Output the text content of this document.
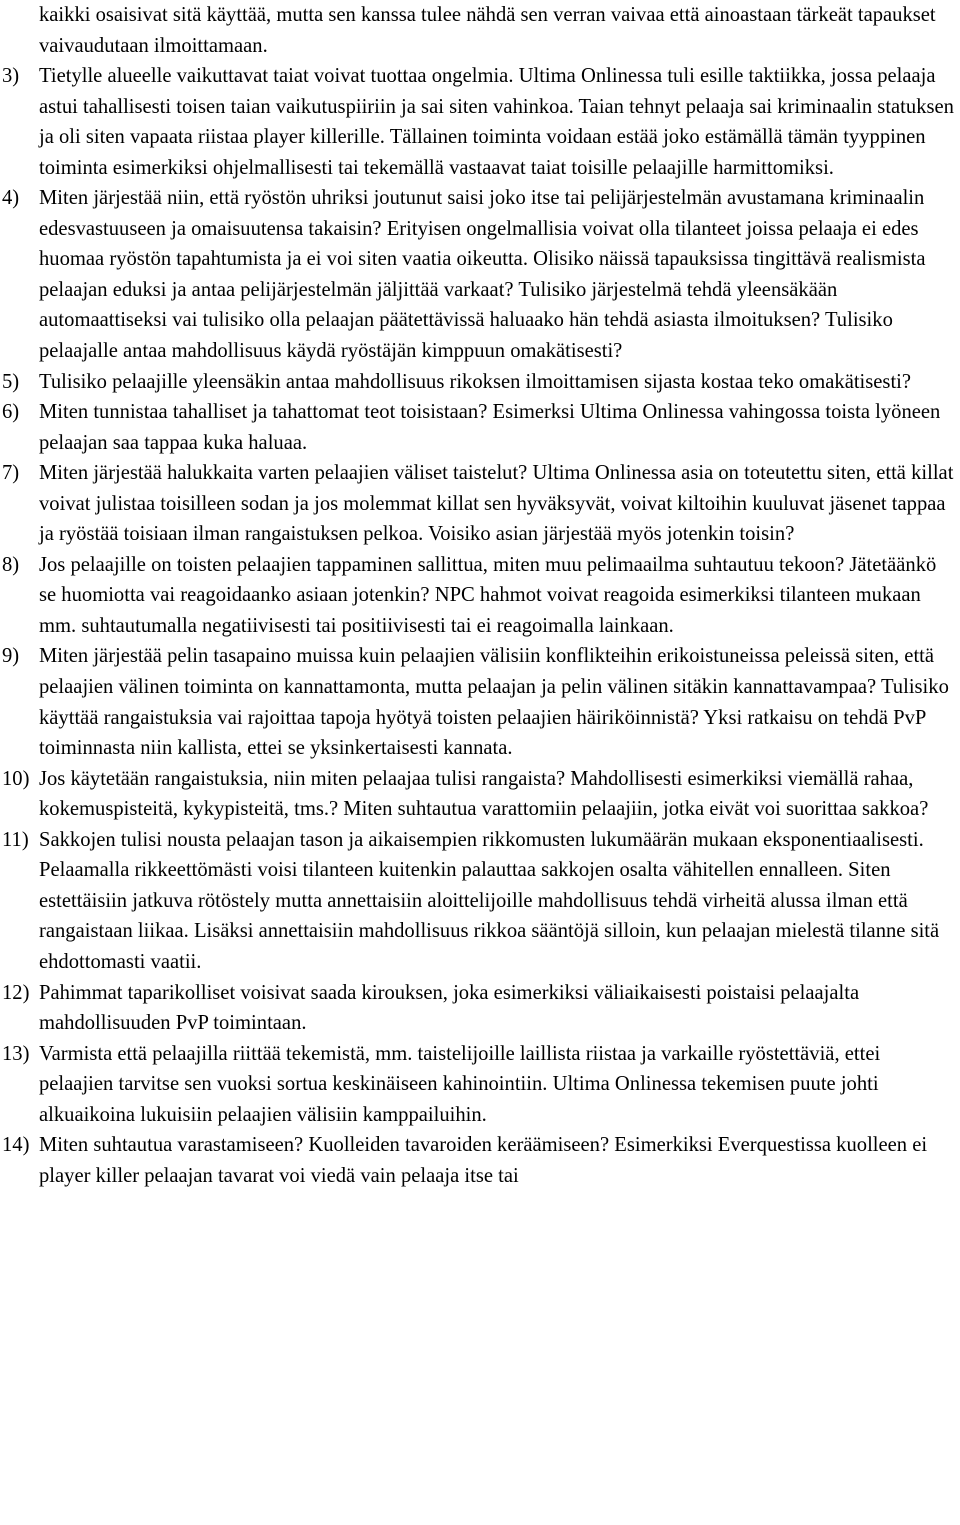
kaikki osaisivat sitä käyttää, mutta sen kanssa tulee nähdä sen verran vaivaa että ainoastaan tärkeät tapaukset vaivaudutaan ilmoittamaan.

3) Tietylle alueelle vaikuttavat taiat voivat tuottaa ongelmia. Ultima Onlinessa tuli esille taktiikka, jossa pelaaja astui tahallisesti toisen taian vaikutuspiiriin ja sai siten vahinkoa. Taian tehnyt pelaaja sai kriminaalin statuksen ja oli siten vapaata riistaa player killerille. Tällainen toiminta voidaan estää joko estämällä tämän tyyppinen toiminta esimerkiksi ohjelmallisesti tai tekemällä vastaavat taiat toisille pelaajille harmittomiksi.
4) Miten järjestää niin, että ryöstön uhriksi joutunut saisi joko itse tai pelijärjestelmän avustamana kriminaalin edesvastuuseen ja omaisuutensa takaisin? Erityisen ongelmallisia voivat olla tilanteet joissa pelaaja ei edes huomaa ryöstön tapahtumista ja ei voi siten vaatia oikeutta. Olisiko näissä tapauksissa tingittävä realismista pelaajan eduksi ja antaa pelijärjestelmän jäljittää varkaat? Tulisiko järjestelmä tehdä yleensäkään automaattiseksi vai tulisiko olla pelaajan päätettävissä haluaako hän tehdä asiasta ilmoituksen? Tulisiko pelaajalle antaa mahdollisuus käydä ryöstäjän kimppuun omakätisesti?
5) Tulisiko pelaajille yleensäkin antaa mahdollisuus rikoksen ilmoittamisen sijasta kostaa teko omakätisesti?
6) Miten tunnistaa tahalliset ja tahattomat teot toisistaan? Esimerksi Ultima Onlinessa vahingossa toista lyöneen pelaajan saa tappaa kuka haluaa.
7) Miten järjestää halukkaita varten pelaajien väliset taistelut? Ultima Onlinessa asia on toteutettu siten, että killat voivat julistaa toisilleen sodan ja jos molemmat killat sen hyväksyvät, voivat kiltoihin kuuluvat jäsenet tappaa ja ryöstää toisiaan ilman rangaistuksen pelkoa. Voisiko asian järjestää myös jotenkin toisin?
8) Jos pelaajille on toisten pelaajien tappaminen sallittua, miten muu pelimaailma suhtautuu tekoon? Jätetäänkö se huomiotta vai reagoidaanko asiaan jotenkin? NPC hahmot voivat reagoida esimerkiksi tilanteen mukaan mm. suhtautumalla negatiivisesti tai positiivisesti tai ei reagoimalla lainkaan.
9) Miten järjestää pelin tasapaino muissa kuin pelaajien välisiin konflikteihin erikoistuneissa peleissä siten, että pelaajien välinen toiminta on kannattamonta, mutta pelaajan ja pelin välinen sitäkin kannattavampaa? Tulisiko käyttää rangaistuksia vai rajoittaa tapoja hyötyä toisten pelaajien häiriköinnistä? Yksi ratkaisu on tehdä PvP toiminnasta niin kallista, ettei se yksinkertaisesti kannata.
10) Jos käytetään rangaistuksia, niin miten pelaajaa tulisi rangaista? Mahdollisesti esimerkiksi viemällä rahaa, kokemuspisteitä, kykypisteitä, tms.? Miten suhtautua varattomiin pelaajiin, jotka eivät voi suorittaa sakkoa?
11) Sakkojen tulisi nousta pelaajan tason ja aikaisempien rikkomusten lukumäärän mukaan eksponentiaalisesti. Pelaamalla rikkeettömästi voisi tilanteen kuitenkin palauttaa sakkojen osalta vähitellen ennalleen. Siten estettäisiin jatkuva rötöstely mutta annettaisiin aloittelijoille mahdollisuus tehdä virheitä alussa ilman että rangaistaan liikaa. Lisäksi annettaisiin mahdollisuus rikkoa sääntöjä silloin, kun pelaajan mielestä tilanne sitä ehdottomasti vaatii.
12) Pahimmat taparikolliset voisivat saada kirouksen, joka esimerkiksi väliaikaisesti poistaisi pelaajalta mahdollisuuden PvP toimintaan.
13) Varmista että pelaajilla riittää tekemistä, mm. taistelijoille laillista riistaa ja varkaille ryöstettäviä, ettei pelaajien tarvitse sen vuoksi sortua keskinäiseen kahinointiin. Ultima Onlinessa tekemisen puute johti alkuaikoina lukuisiin pelaajien välisiin kamppailuihin.
14) Miten suhtautua varastamiseen? Kuolleiden tavaroiden keräämiseen? Esimerkiksi Everquestissa kuolleen ei player killer pelaajan tavarat voi viedä vain pelaaja itse tai
